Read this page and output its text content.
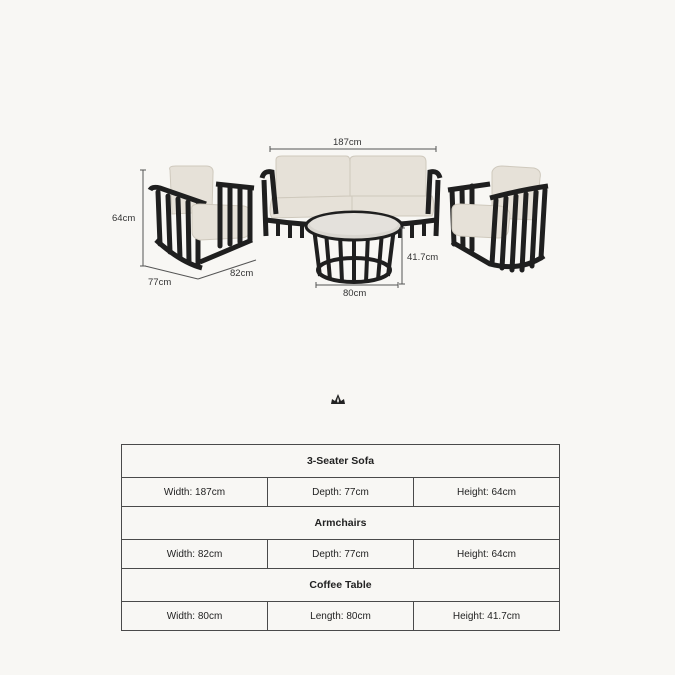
64cm
77cm
82cm
187cm
41.7cm
80cm
3-Seater Sofa		
Width: 187cm	Depth: 77cm	Height: 64cm
Armchairs		
Width: 82cm	Depth: 77cm	Height: 64cm
Coffee Table		
Width: 80cm	Length: 80cm	Height: 41.7cm
